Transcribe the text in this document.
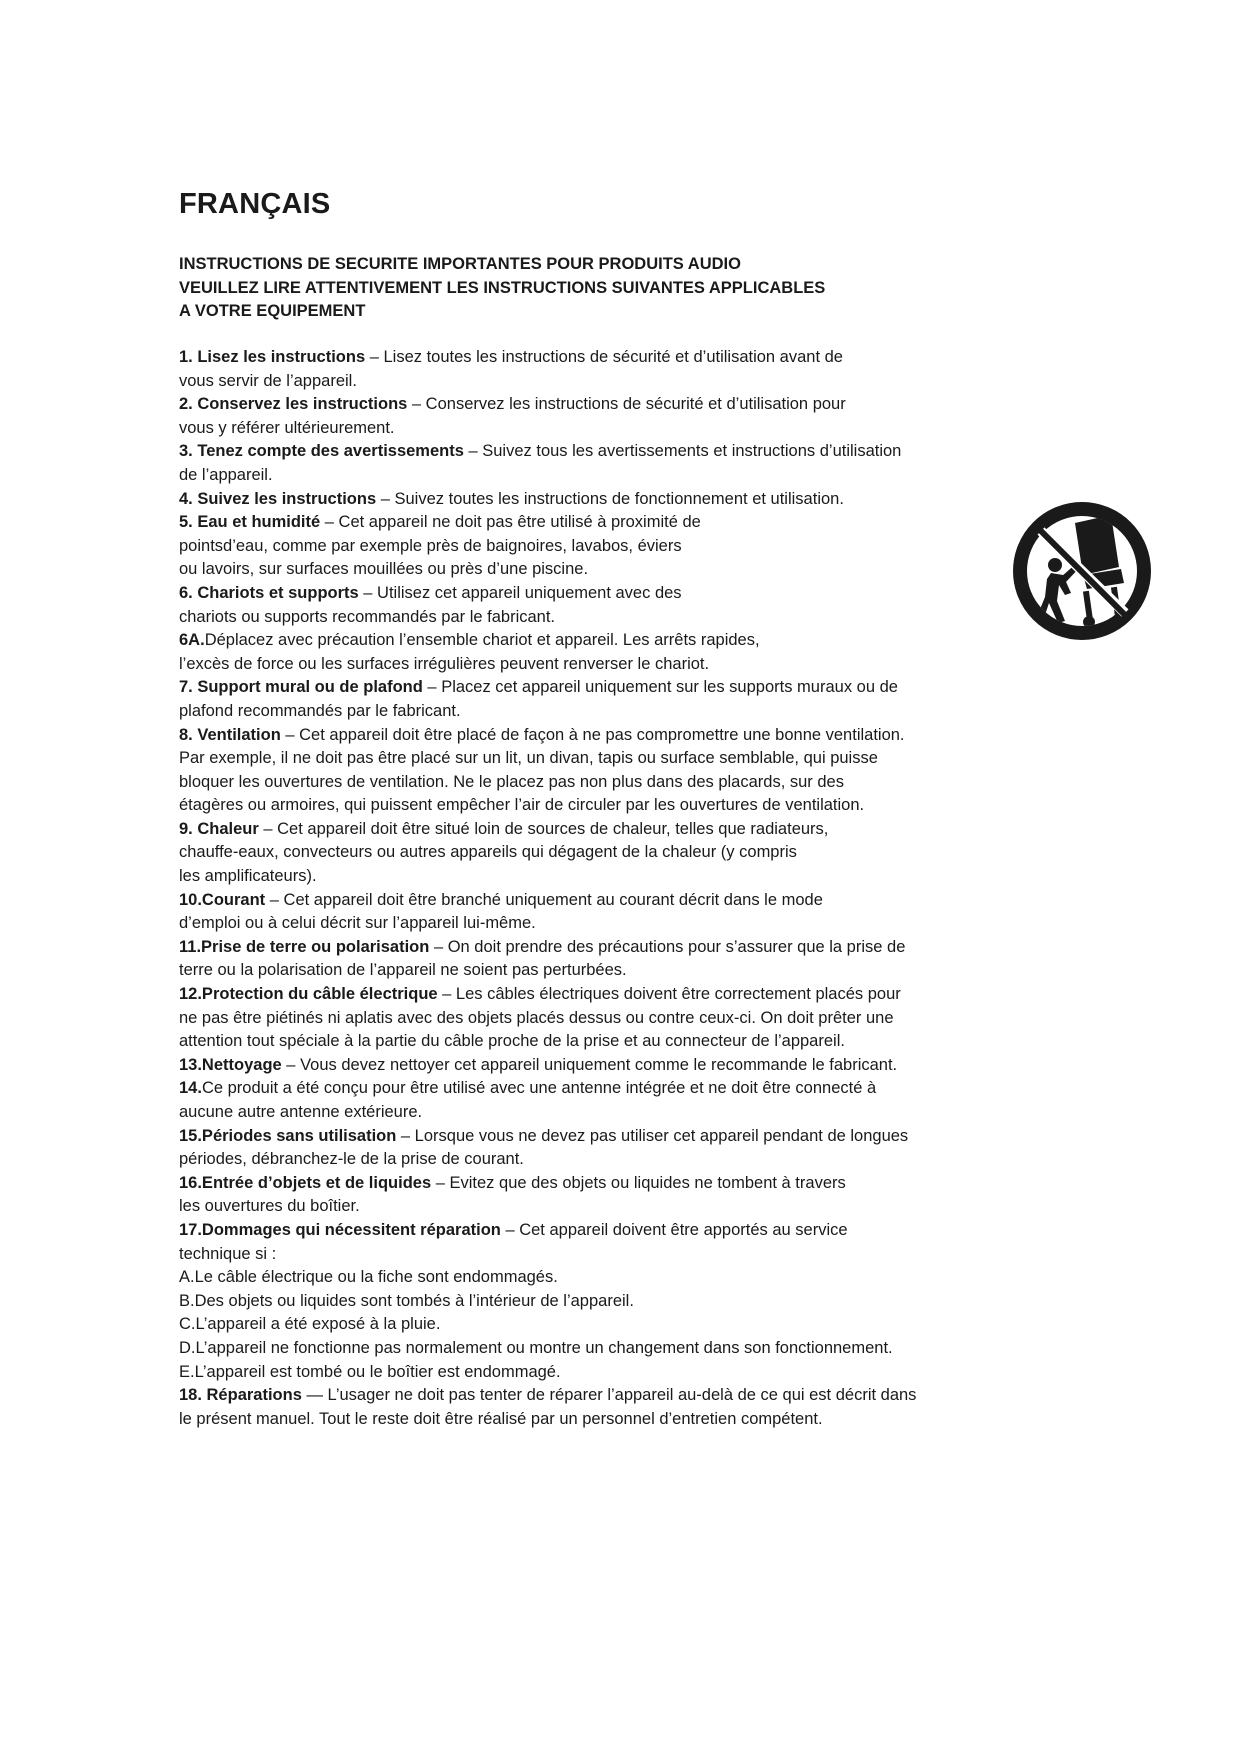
FRANÇAIS
INSTRUCTIONS DE SECURITE IMPORTANTES POUR PRODUITS AUDIO
VEUILLEZ LIRE ATTENTIVEMENT LES INSTRUCTIONS SUIVANTES APPLICABLES
A VOTRE EQUIPEMENT
1. Lisez les instructions – Lisez toutes les instructions de sécurité et d’utilisation avant de
vous servir de l’appareil.
2. Conservez les instructions – Conservez les instructions de sécurité et d’utilisation pour
vous y référer ultérieurement.
3. Tenez compte des avertissements – Suivez tous les avertissements et instructions d’utilisation
de l’appareil.
4. Suivez les instructions – Suivez toutes les instructions de fonctionnement et utilisation.
5. Eau et humidité – Cet appareil ne doit pas être utilisé à proximité de
pointsd’eau, comme par exemple près de baignoires, lavabos, éviers
ou lavoirs, sur surfaces mouillées ou près d’une piscine.
6. Chariots et supports – Utilisez cet appareil uniquement avec des
chariots ou supports recommandés par le fabricant.
6A.Déplacez avec précaution l’ensemble chariot et appareil. Les arrêts rapides,
l’excès de force ou les surfaces irrégulières peuvent renverser le chariot.
7. Support mural ou de plafond – Placez cet appareil uniquement sur les supports muraux ou de
plafond recommandés par le fabricant.
8. Ventilation – Cet appareil doit être placé de façon à ne pas compromettre une bonne ventilation.
Par exemple, il ne doit pas être placé sur un lit, un divan, tapis ou surface semblable, qui puisse
bloquer les ouvertures de ventilation. Ne le placez pas non plus dans des placards, sur des
étagères ou armoires, qui puissent empêcher l’air de circuler par les ouvertures de ventilation.
9. Chaleur – Cet appareil doit être situé loin de sources de chaleur, telles que radiateurs,
chauffe-eaux, convecteurs ou autres appareils qui dégagent de la chaleur (y compris
les amplificateurs).
10.Courant – Cet appareil doit être branché uniquement au courant décrit dans le mode
d’emploi ou à celui décrit sur l’appareil lui-même.
11.Prise de terre ou polarisation – On doit prendre des précautions pour s’assurer que la prise de
terre ou la polarisation de l’appareil ne soient pas perturbées.
12.Protection du câble électrique – Les câbles électriques doivent être correctement placés pour
ne pas être piétinés ni aplatis avec des objets placés dessus ou contre ceux-ci. On doit prêter une
attention tout spéciale à la partie du câble proche de la prise et au connecteur de l’appareil.
13.Nettoyage – Vous devez nettoyer cet appareil uniquement comme le recommande le fabricant.
14.Ce produit a été conçu pour être utilisé avec une antenne intégrée et ne doit être connecté à
aucune autre antenne extérieure.
15.Périodes sans utilisation – Lorsque vous ne devez pas utiliser cet appareil pendant de longues
périodes, débranchez-le de la prise de courant.
16.Entrée d’objets et de liquides – Evitez que des objets ou liquides ne tombent à travers
les ouvertures du boîtier.
17.Dommages qui nécessitent réparation – Cet appareil doivent être apportés au service
technique si :
A.Le câble électrique ou la fiche sont endommagés.
B.Des objets ou liquides sont tombés à l’intérieur de l’appareil.
C.L’appareil a été exposé à la pluie.
D.L’appareil ne fonctionne pas normalement ou montre un changement dans son fonctionnement.
E.L’appareil est tombé ou le boîtier est endommagé.
18. Réparations — L’usager ne doit pas tenter de réparer l’appareil au-delà de ce qui est décrit dans
le présent manuel. Tout le reste doit être réalisé par un personnel d’entretien compétent.
